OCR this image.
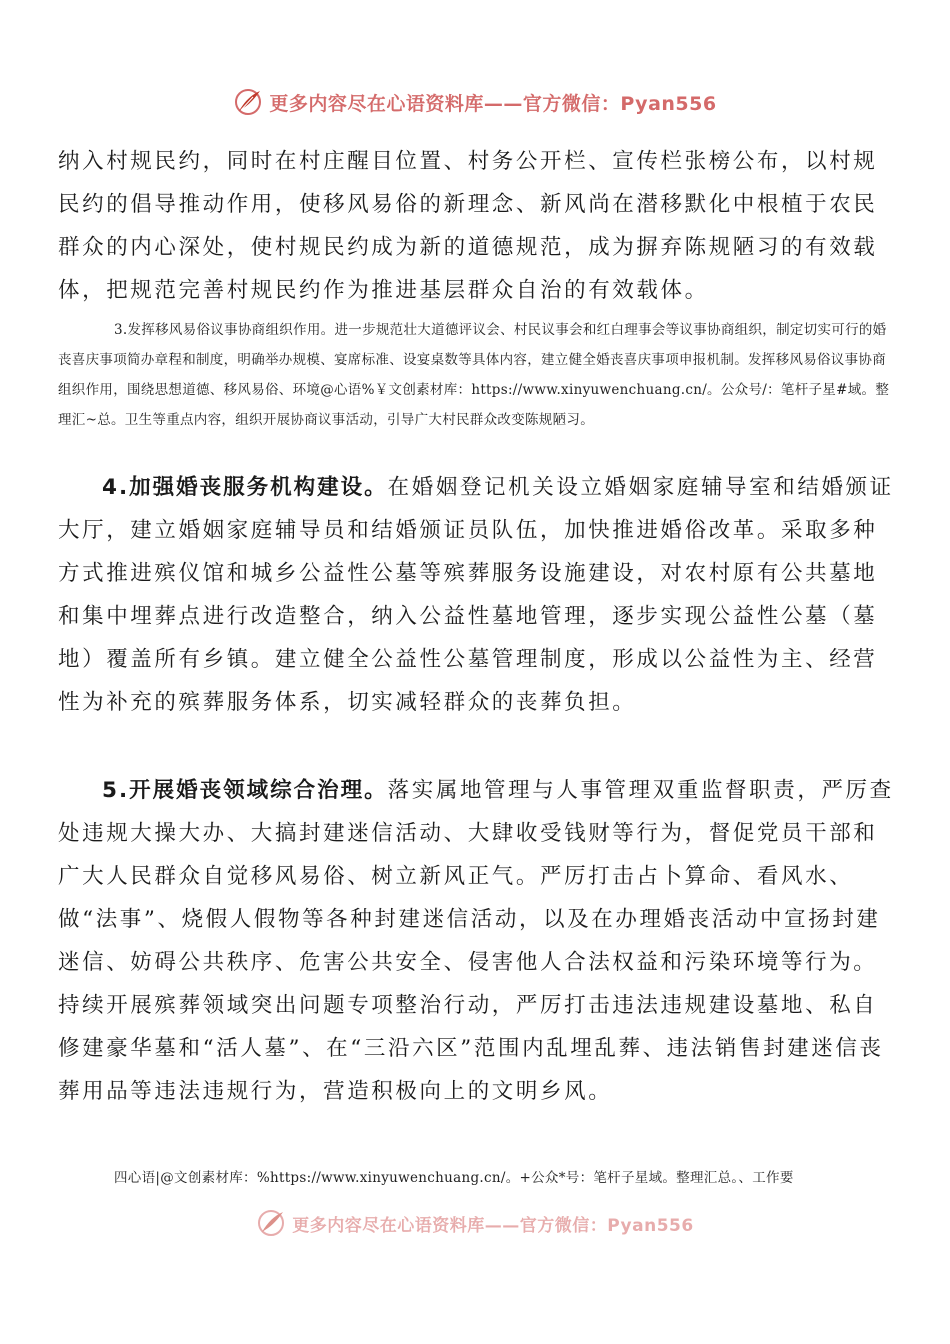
更多内容尽在心语资料库——官方微信：Pyan556

纳入村规民约，同时在村庄醒目位置、村务公开栏、宣传栏张榜公布，以村规民约的倡导推动作用，使移风易俗的新理念、新风尚在潜移默化中根植于农民群众的内心深处，使村规民约成为新的道德规范，成为摒弃陈规陋习的有效载体，把规范完善村规民约作为推进基层群众自治的有效载体。

3.发挥移风易俗议事协商组织作用。进一步规范壮大道德评议会、村民议事会和红白理事会等议事协商组织，制定切实可行的婚丧喜庆事项简办章程和制度，明确举办规模、宴席标准、设宴桌数等具体内容，建立健全婚丧喜庆事项申报机制。发挥移风易俗议事协商组织作用，围绕思想道德、移风易俗、环境@心语%￥文创素材库：https://www.xinyuwenchuang.cn/。公众号/：笔杆子星#域。整理汇~总。卫生等重点内容，组织开展协商议事活动，引导广大村民群众改变陈规陋习。

4.加强婚丧服务机构建设。在婚姻登记机关设立婚姻家庭辅导室和结婚颁证大厅，建立婚姻家庭辅导员和结婚颁证员队伍，加快推进婚俗改革。采取多种方式推进殡仪馆和城乡公益性公墓等殡葬服务设施建设，对农村原有公共墓地和集中埋葬点进行改造整合，纳入公益性墓地管理，逐步实现公益性公墓（墓地）覆盖所有乡镇。建立健全公益性公墓管理制度，形成以公益性为主、经营性为补充的殡葬服务体系，切实减轻群众的丧葬负担。

5.开展婚丧领域综合治理。落实属地管理与人事管理双重监督职责，严厉查处违规大操大办、大搞封建迷信活动、大肆收受钱财等行为，督促党员干部和广大人民群众自觉移风易俗、树立新风正气。严厉打击占卜算命、看风水、做“法事”、烧假人假物等各种封建迷信活动，以及在办理婚丧活动中宣扬封建迷信、妨碍公共秩序、危害公共安全、侵害他人合法权益和污染环境等行为。持续开展殡葬领域突出问题专项整治行动，严厉打击违法违规建设墓地、私自修建豪华墓和“活人墓”、在“三沿六区”范围内乱埋乱葬、违法销售封建迷信丧葬用品等违法违规行为，营造积极向上的文明乡风。

四心语|@文创素材库：%https://www.xinyuwenchuang.cn/。+公众*号：笔杆子星域。整理汇总。、工作要

更多内容尽在心语资料库——官方微信：Pyan556
